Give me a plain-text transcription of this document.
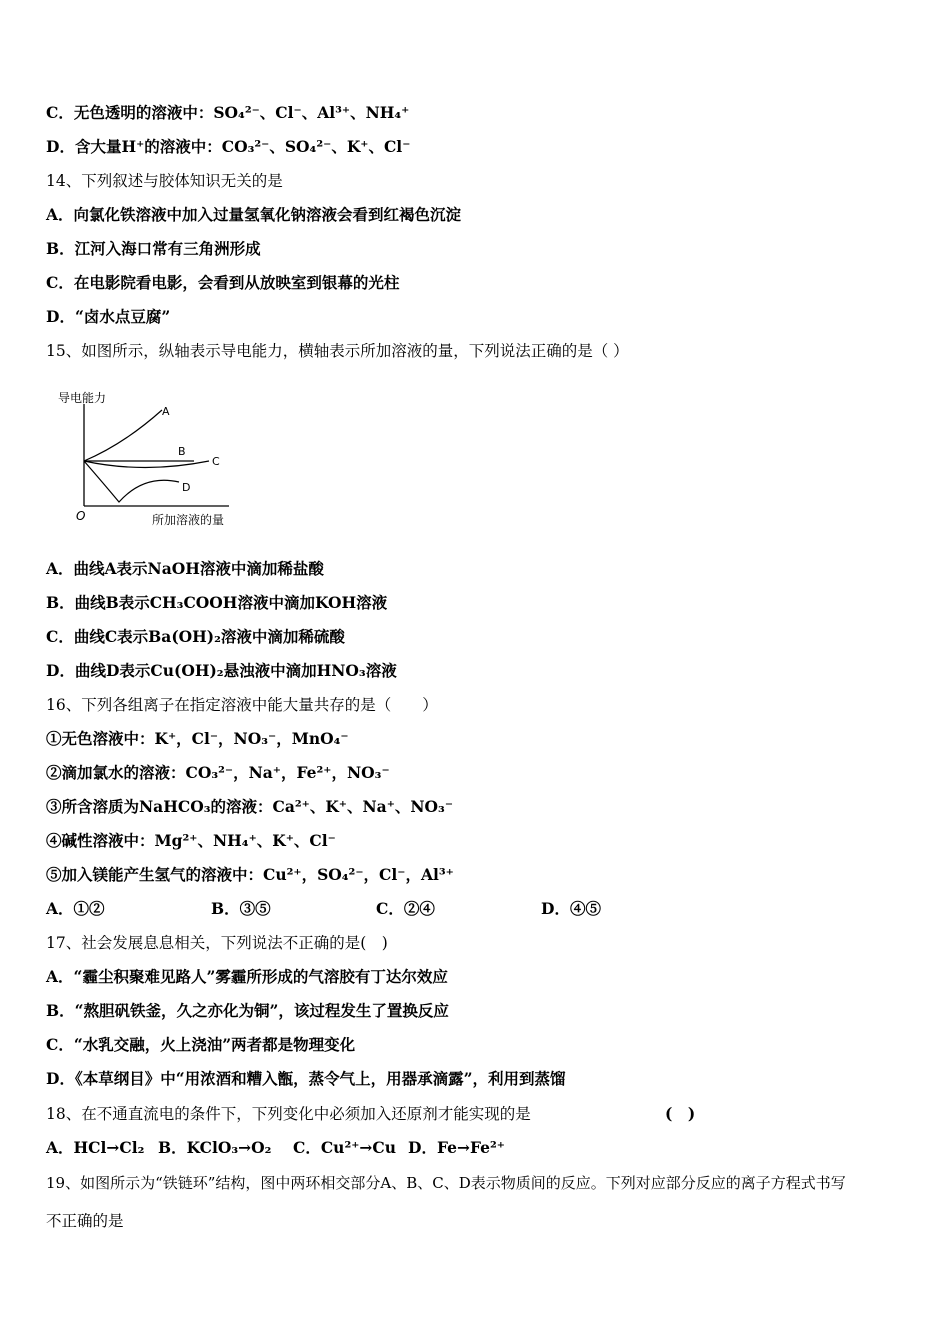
C．无色透明的溶液中：SO₄²⁻、Cl⁻、Al³⁺、NH₄⁺
D．含大量H⁺的溶液中：CO₃²⁻、SO₄²⁻、K⁺、Cl⁻
14、下列叙述与胶体知识无关的是
A．向氯化铁溶液中加入过量氢氧化钠溶液会看到红褐色沉淀
B．江河入海口常有三角洲形成
C．在电影院看电影，会看到从放映室到银幕的光柱
D．“卤水点豆腐”
15、如图所示，纵轴表示导电能力，横轴表示所加溶液的量，下列说法正确的是（ ）
导电能力
所加溶液的量
O
A
B
C
D
A．曲线A表示NaOH溶液中滴加稀盐酸
B．曲线B表示CH₃COOH溶液中滴加KOH溶液
C．曲线C表示Ba(OH)₂溶液中滴加稀硫酸
D．曲线D表示Cu(OH)₂悬浊液中滴加HNO₃溶液
16、下列各组离子在指定溶液中能大量共存的是（　　）
①无色溶液中：K⁺，Cl⁻，NO₃⁻，MnO₄⁻
②滴加氯水的溶液：CO₃²⁻，Na⁺，Fe²⁺，NO₃⁻
③所含溶质为NaHCO₃的溶液：Ca²⁺、K⁺、Na⁺、NO₃⁻
④碱性溶液中：Mg²⁺、NH₄⁺、K⁺、Cl⁻
⑤加入镁能产生氢气的溶液中：Cu²⁺，SO₄²⁻，Cl⁻，Al³⁺
A．①②	B．③⑤	C．②④	D．④⑤
17、社会发展息息相关，下列说法不正确的是(　)
A．“霾尘积聚难见路人”雾霾所形成的气溶胶有丁达尔效应
B．“熬胆矾铁釜，久之亦化为铜”，该过程发生了置换反应
C．“水乳交融，火上浇油”两者都是物理变化
D．《本草纲目》中“用浓酒和糟入甑，蒸令气上，用器承滴露”，利用到蒸馏
18、在不通直流电的条件下，下列变化中必须加入还原剂才能实现的是	(　)
A．HCl→Cl₂ B．KClO₃→O₂ C．Cu²⁺→Cu D．Fe→Fe²⁺
19、如图所示为“铁链环”结构，图中两环相交部分A、B、C、D表示物质间的反应。下列对应部分反应的离子方程式书写
不正确的是
